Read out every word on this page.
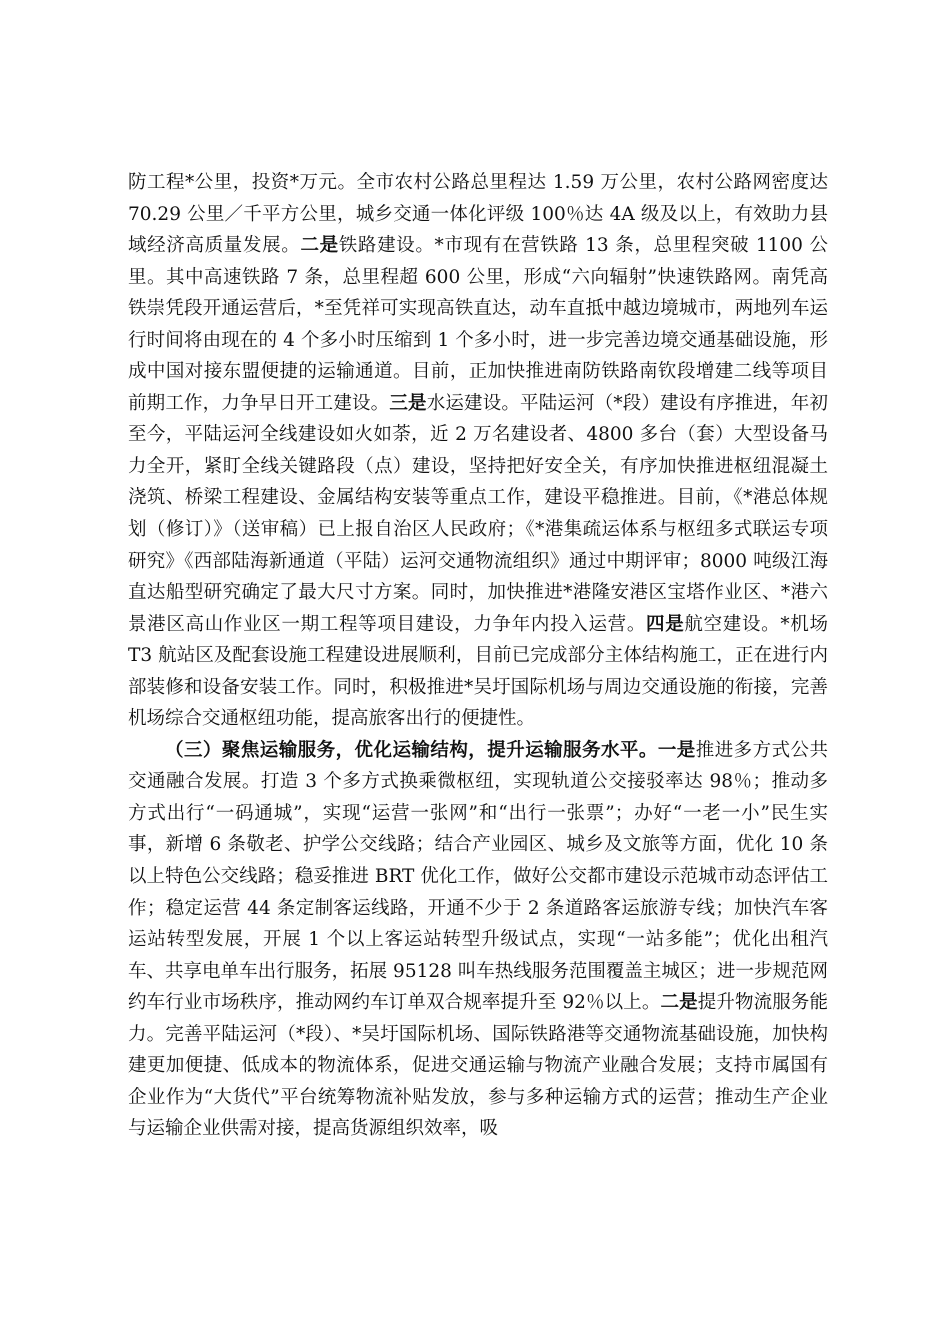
防工程*公里，投资*万元。全市农村公路总里程达 1.59 万公里，农村公路网密度达 70.29 公里／千平方公里，城乡交通一体化评级 100％达 4A 级及以上，有效助力县域经济高质量发展。二是铁路建设。*市现有在营铁路 13 条，总里程突破 1100 公里。其中高速铁路 7 条，总里程超 600 公里，形成“六向辐射”快速铁路网。南凭高铁崇凭段开通运营后，*至凭祥可实现高铁直达，动车直抵中越边境城市，两地列车运行时间将由现在的 4 个多小时压缩到 1 个多小时，进一步完善边境交通基础设施，形成中国对接东盟便捷的运输通道。目前，正加快推进南防铁路南钦段增建二线等项目前期工作，力争早日开工建设。三是水运建设。平陆运河（*段）建设有序推进，年初至今，平陆运河全线建设如火如荼，近 2 万名建设者、4800 多台（套）大型设备马力全开，紧盯全线关键路段（点）建设，坚持把好安全关，有序加快推进枢纽混凝土浇筑、桥梁工程建设、金属结构安装等重点工作，建设平稳推进。目前，《*港总体规划（修订）》（送审稿）已上报自治区人民政府；《*港集疏运体系与枢纽多式联运专项研究》《西部陆海新通道（平陆）运河交通物流组织》通过中期评审；8000 吨级江海直达船型研究确定了最大尺寸方案。同时，加快推进*港隆安港区宝塔作业区、*港六景港区高山作业区一期工程等项目建设，力争年内投入运营。四是航空建设。*机场 T3 航站区及配套设施工程建设进展顺利，目前已完成部分主体结构施工，正在进行内部装修和设备安装工作。同时，积极推进*吴圩国际机场与周边交通设施的衔接，完善机场综合交通枢纽功能，提高旅客出行的便捷性。

（三）聚焦运输服务，优化运输结构，提升运输服务水平。一是推进多方式公共交通融合发展。打造 3 个多方式换乘微枢纽，实现轨道公交接驳率达 98％；推动多方式出行“一码通城”，实现“运营一张网”和“出行一张票”；办好“一老一小”民生实事，新增 6 条敬老、护学公交线路；结合产业园区、城乡及文旅等方面，优化 10 条以上特色公交线路；稳妥推进 BRT 优化工作，做好公交都市建设示范城市动态评估工作；稳定运营 44 条定制客运线路，开通不少于 2 条道路客运旅游专线；加快汽车客运站转型发展，开展 1 个以上客运站转型升级试点，实现“一站多能”；优化出租汽车、共享电单车出行服务，拓展 95128 叫车热线服务范围覆盖主城区；进一步规范网约车行业市场秩序，推动网约车订单双合规率提升至 92％以上。二是提升物流服务能力。完善平陆运河（*段）、*吴圩国际机场、国际铁路港等交通物流基础设施，加快构建更加便捷、低成本的物流体系，促进交通运输与物流产业融合发展；支持市属国有企业作为“大货代”平台统筹物流补贴发放，参与多种运输方式的运营；推动生产企业与运输企业供需对接，提高货源组织效率，吸
